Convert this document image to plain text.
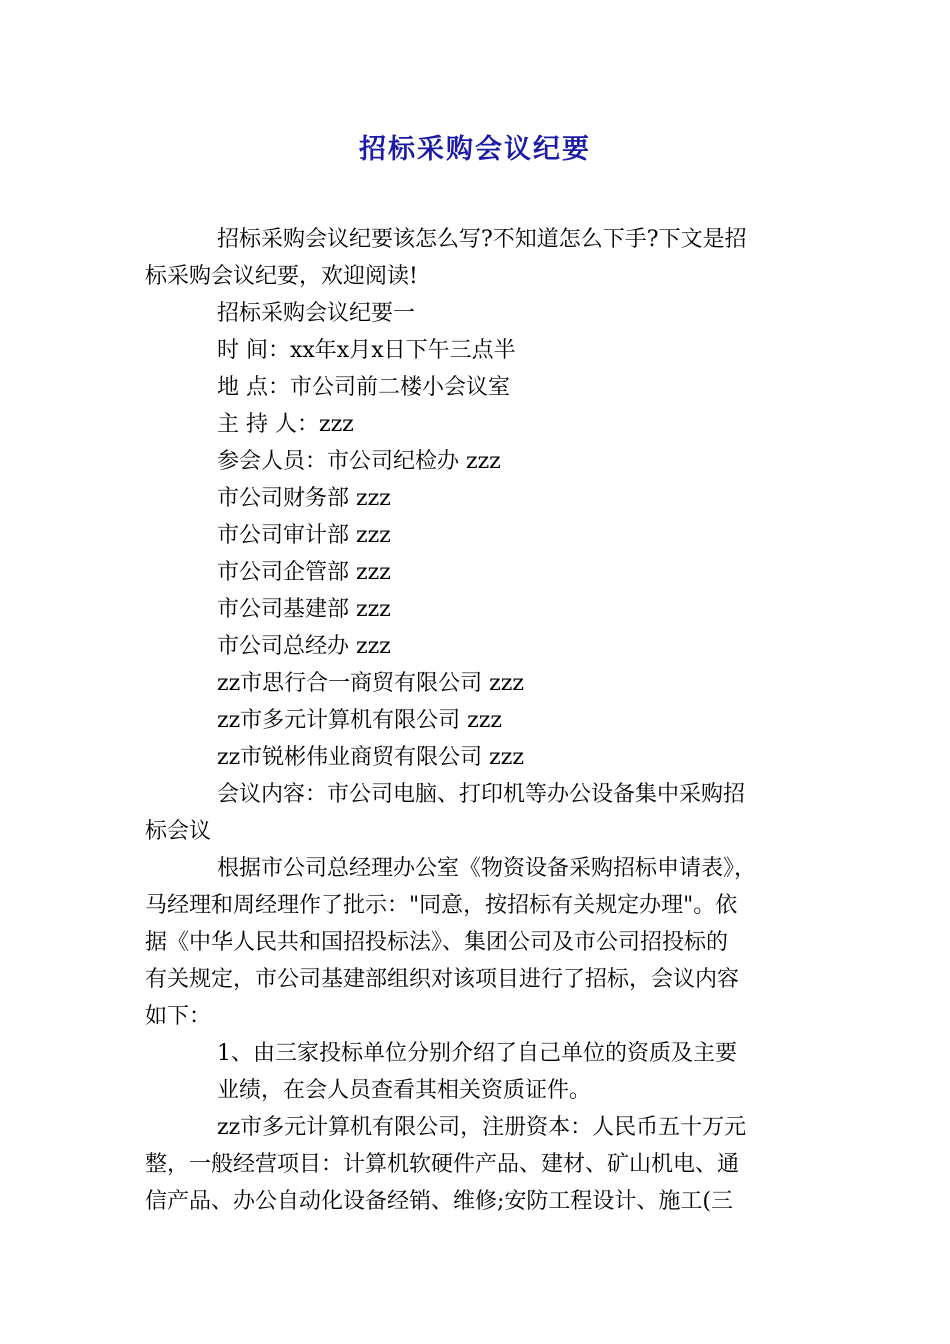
招标采购会议纪要

招标采购会议纪要该怎么写?不知道怎么下手?下文是招

标采购会议纪要，欢迎阅读!

招标采购会议纪要一

时 间：xx年x月x日下午三点半

地 点：市公司前二楼小会议室

主 持 人：zzz

参会人员：市公司纪检办 zzz

市公司财务部 zzz

市公司审计部 zzz

市公司企管部 zzz

市公司基建部 zzz

市公司总经办 zzz

zz市思行合一商贸有限公司 zzz

zz市多元计算机有限公司 zzz

zz市锐彬伟业商贸有限公司 zzz

会议内容：市公司电脑、打印机等办公设备集中采购招

标会议

根据市公司总经理办公室《物资设备采购招标申请表》，

马经理和周经理作了批示："同意，按招标有关规定办理"。依

据《中华人民共和国招投标法》、集团公司及市公司招投标的

有关规定，市公司基建部组织对该项目进行了招标，会议内容

如下：

1、由三家投标单位分别介绍了自己单位的资质及主要

业绩，在会人员查看其相关资质证件。

zz市多元计算机有限公司，注册资本：人民币五十万元

整，一般经营项目：计算机软硬件产品、建材、矿山机电、通

信产品、办公自动化设备经销、维修;安防工程设计、施工(三
